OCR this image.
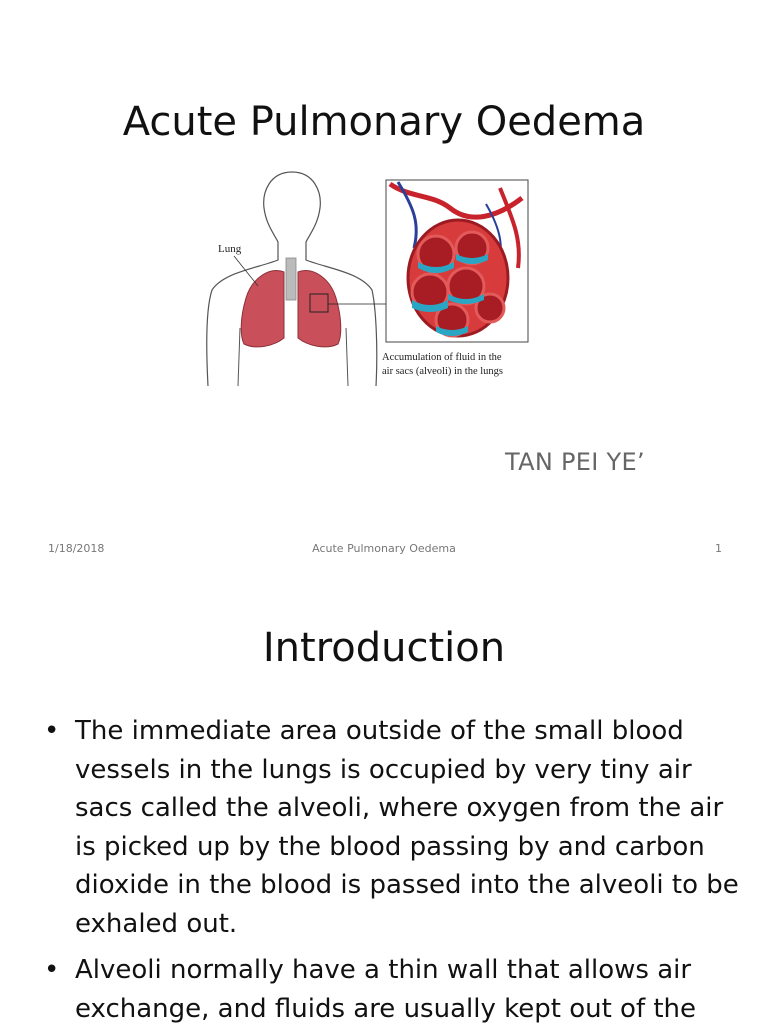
Acute Pulmonary Oedema
Lung
Accumulation of fluid in the
air sacs (alveoli) in the lungs
TAN PEI YE’
1/18/2018	Acute Pulmonary Oedema	1
Introduction
• The immediate area outside of the small blood vessels in the lungs is occupied by very tiny air sacs called the alveoli, where oxygen from the air is picked up by the blood passing by and carbon dioxide in the blood is passed into the alveoli to be exhaled out.
• Alveoli normally have a thin wall that allows air exchange, and fluids are usually kept out of the
